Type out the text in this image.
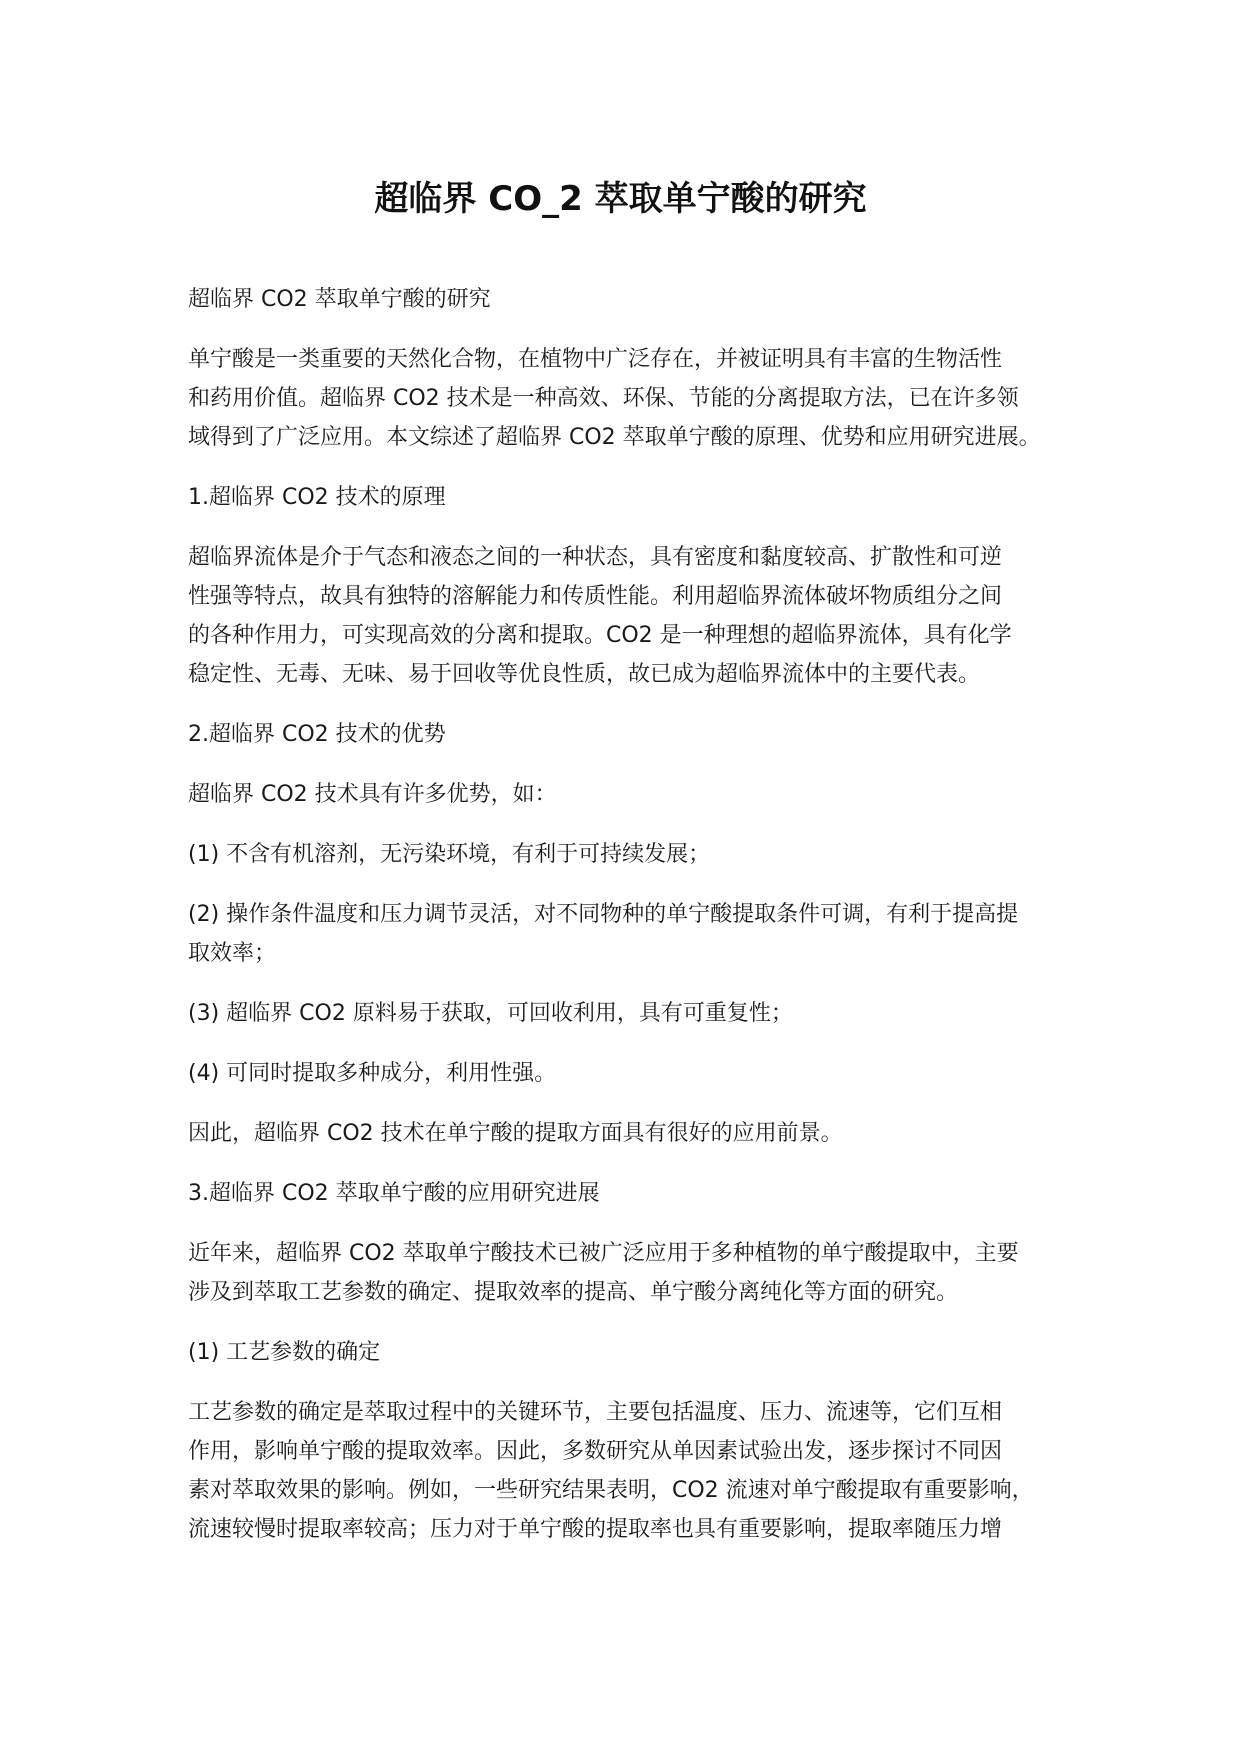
超临界 CO_2 萃取单宁酸的研究

超临界 CO2 萃取单宁酸的研究

单宁酸是一类重要的天然化合物，在植物中广泛存在，并被证明具有丰富的生物活性
和药用价值。超临界 CO2 技术是一种高效、环保、节能的分离提取方法，已在许多领
域得到了广泛应用。本文综述了超临界 CO2 萃取单宁酸的原理、优势和应用研究进展。

1.超临界 CO2 技术的原理

超临界流体是介于气态和液态之间的一种状态，具有密度和黏度较高、扩散性和可逆
性强等特点，故具有独特的溶解能力和传质性能。利用超临界流体破坏物质组分之间
的各种作用力，可实现高效的分离和提取。CO2 是一种理想的超临界流体，具有化学
稳定性、无毒、无味、易于回收等优良性质，故已成为超临界流体中的主要代表。

2.超临界 CO2 技术的优势

超临界 CO2 技术具有许多优势，如：

(1) 不含有机溶剂，无污染环境，有利于可持续发展；

(2) 操作条件温度和压力调节灵活，对不同物种的单宁酸提取条件可调，有利于提高提
取效率；

(3) 超临界 CO2 原料易于获取，可回收利用，具有可重复性；

(4) 可同时提取多种成分，利用性强。

因此，超临界 CO2 技术在单宁酸的提取方面具有很好的应用前景。

3.超临界 CO2 萃取单宁酸的应用研究进展

近年来，超临界 CO2 萃取单宁酸技术已被广泛应用于多种植物的单宁酸提取中，主要
涉及到萃取工艺参数的确定、提取效率的提高、单宁酸分离纯化等方面的研究。

(1) 工艺参数的确定

工艺参数的确定是萃取过程中的关键环节，主要包括温度、压力、流速等，它们互相
作用，影响单宁酸的提取效率。因此，多数研究从单因素试验出发，逐步探讨不同因
素对萃取效果的影响。例如，一些研究结果表明，CO2 流速对单宁酸提取有重要影响，
流速较慢时提取率较高；压力对于单宁酸的提取率也具有重要影响，提取率随压力增
